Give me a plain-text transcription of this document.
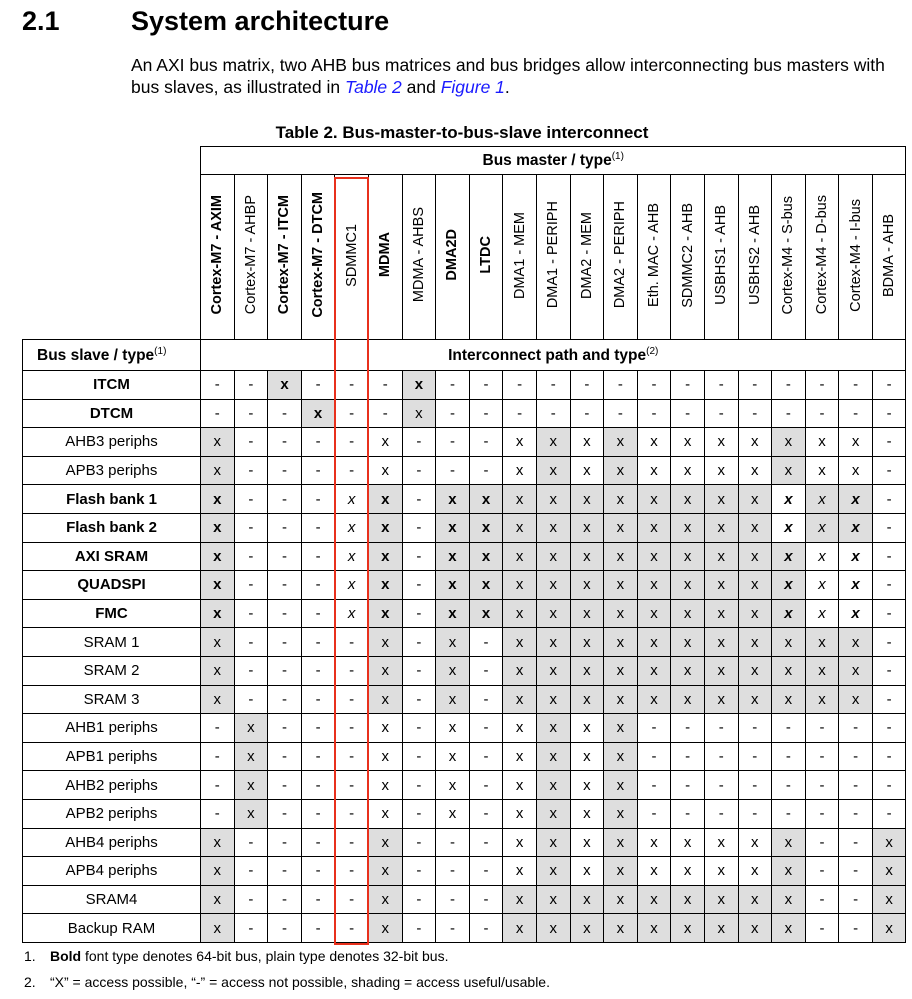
2.1	System architecture
An AXI bus matrix, two AHB bus matrices and bus bridges allow interconnecting bus masters with bus slaves, as illustrated in Table 2 and Figure 1.
Table 2. Bus-master-to-bus-slave interconnect
	Bus master / type$^{(1)}$
	Cortex-M7 - AXIM	Cortex-M7 - AHBP	Cortex-M7 - ITCM	Cortex-M7 - DTCM	SDMMC1	MDMA	MDMA - AHBS	DMA2D	LTDC	DMA1 - MEM	DMA1 - PERIPH	DMA2 - MEM	DMA2 - PERIPH	Eth. MAC - AHB	SDMMC2 - AHB	USBHS1 - AHB	USBHS2 - AHB	Cortex-M4 - S-bus	Cortex-M4 - D-bus	Cortex-M4 - I-bus	BDMA - AHB
Bus slave / type$^{(1)}$	Interconnect path and type$^{(2)}$
ITCM	-	-	x	-	-	-	x	-	-	-	-	-	-	-	-	-	-	-	-	-	-
DTCM	-	-	-	x	-	-	x	-	-	-	-	-	-	-	-	-	-	-	-	-	-
AHB3 periphs	x	-	-	-	-	x	-	-	-	x	x	x	x	x	x	x	x	x	x	x	-
APB3 periphs	x	-	-	-	-	x	-	-	-	x	x	x	x	x	x	x	x	x	x	x	-
Flash bank 1	x	-	-	-	x	x	-	x	x	x	x	x	x	x	x	x	x	x	x	x	-
Flash bank 2	x	-	-	-	x	x	-	x	x	x	x	x	x	x	x	x	x	x	x	x	-
AXI SRAM	x	-	-	-	x	x	-	x	x	x	x	x	x	x	x	x	x	x	x	x	-
QUADSPI	x	-	-	-	x	x	-	x	x	x	x	x	x	x	x	x	x	x	x	x	-
FMC	x	-	-	-	x	x	-	x	x	x	x	x	x	x	x	x	x	x	x	x	-
SRAM 1	x	-	-	-	-	x	-	x	-	x	x	x	x	x	x	x	x	x	x	x	-
SRAM 2	x	-	-	-	-	x	-	x	-	x	x	x	x	x	x	x	x	x	x	x	-
SRAM 3	x	-	-	-	-	x	-	x	-	x	x	x	x	x	x	x	x	x	x	x	-
AHB1 periphs	-	x	-	-	-	x	-	x	-	x	x	x	x	-	-	-	-	-	-	-	-
APB1 periphs	-	x	-	-	-	x	-	x	-	x	x	x	x	-	-	-	-	-	-	-	-
AHB2 periphs	-	x	-	-	-	x	-	x	-	x	x	x	x	-	-	-	-	-	-	-	-
APB2 periphs	-	x	-	-	-	x	-	x	-	x	x	x	x	-	-	-	-	-	-	-	-
AHB4 periphs	x	-	-	-	-	x	-	-	-	x	x	x	x	x	x	x	x	x	-	-	x
APB4 periphs	x	-	-	-	-	x	-	-	-	x	x	x	x	x	x	x	x	x	-	-	x
SRAM4	x	-	-	-	-	x	-	-	-	x	x	x	x	x	x	x	x	x	-	-	x
Backup RAM	x	-	-	-	-	x	-	-	-	x	x	x	x	x	x	x	x	x	-	-	x
1. Bold font type denotes 64-bit bus, plain type denotes 32-bit bus.
2. “X” = access possible, “-” = access not possible, shading = access useful/usable.
